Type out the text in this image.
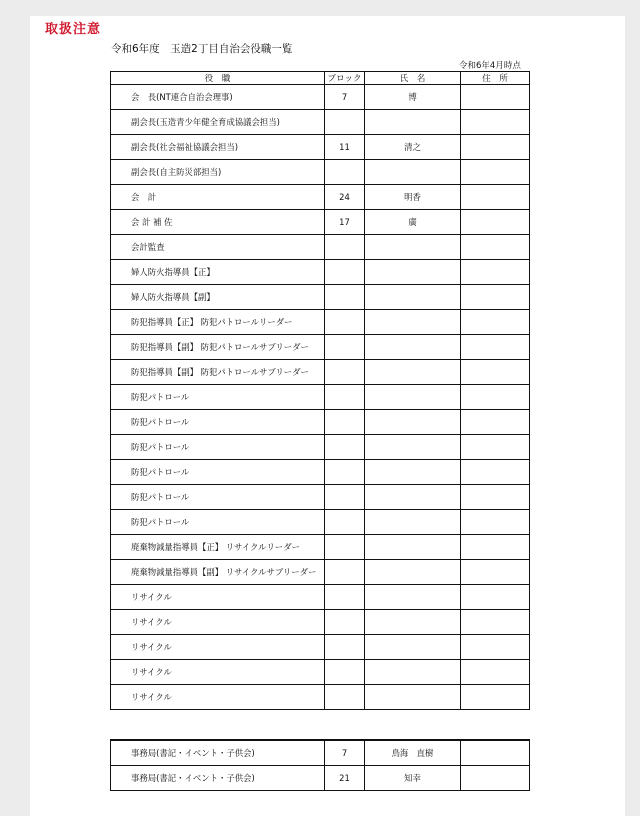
取扱注意
令和6年度　玉造2丁目自治会役職一覧
令和6年4月時点
役　職	ブロック	氏　名	住　所
会　長(NT連合自治会理事)	7	博	
副会長(玉造青少年健全育成協議会担当)			
副会長(社会福祉協議会担当)	11	清之	
副会長(自主防災部担当)			
会　計	24	明香	
会 計 補 佐	17	廣	
会計監査			
婦人防火指導員【正】			
婦人防火指導員【副】			
防犯指導員【正】 防犯パトロールリーダー			
防犯指導員【副】 防犯パトロールサブリーダー			
防犯指導員【副】 防犯パトロールサブリーダー			
防犯パトロール			
防犯パトロール			
防犯パトロール			
防犯パトロール			
防犯パトロール			
防犯パトロール			
廃棄物減量指導員【正】 リサイクルリーダー			
廃棄物減量指導員【副】 リサイクルサブリーダー			
リサイクル			
リサイクル			
リサイクル			
リサイクル			
リサイクル			
事務局(書記・イベント・子供会)	7	鳥海　直樹	
事務局(書記・イベント・子供会)	21	知幸	
